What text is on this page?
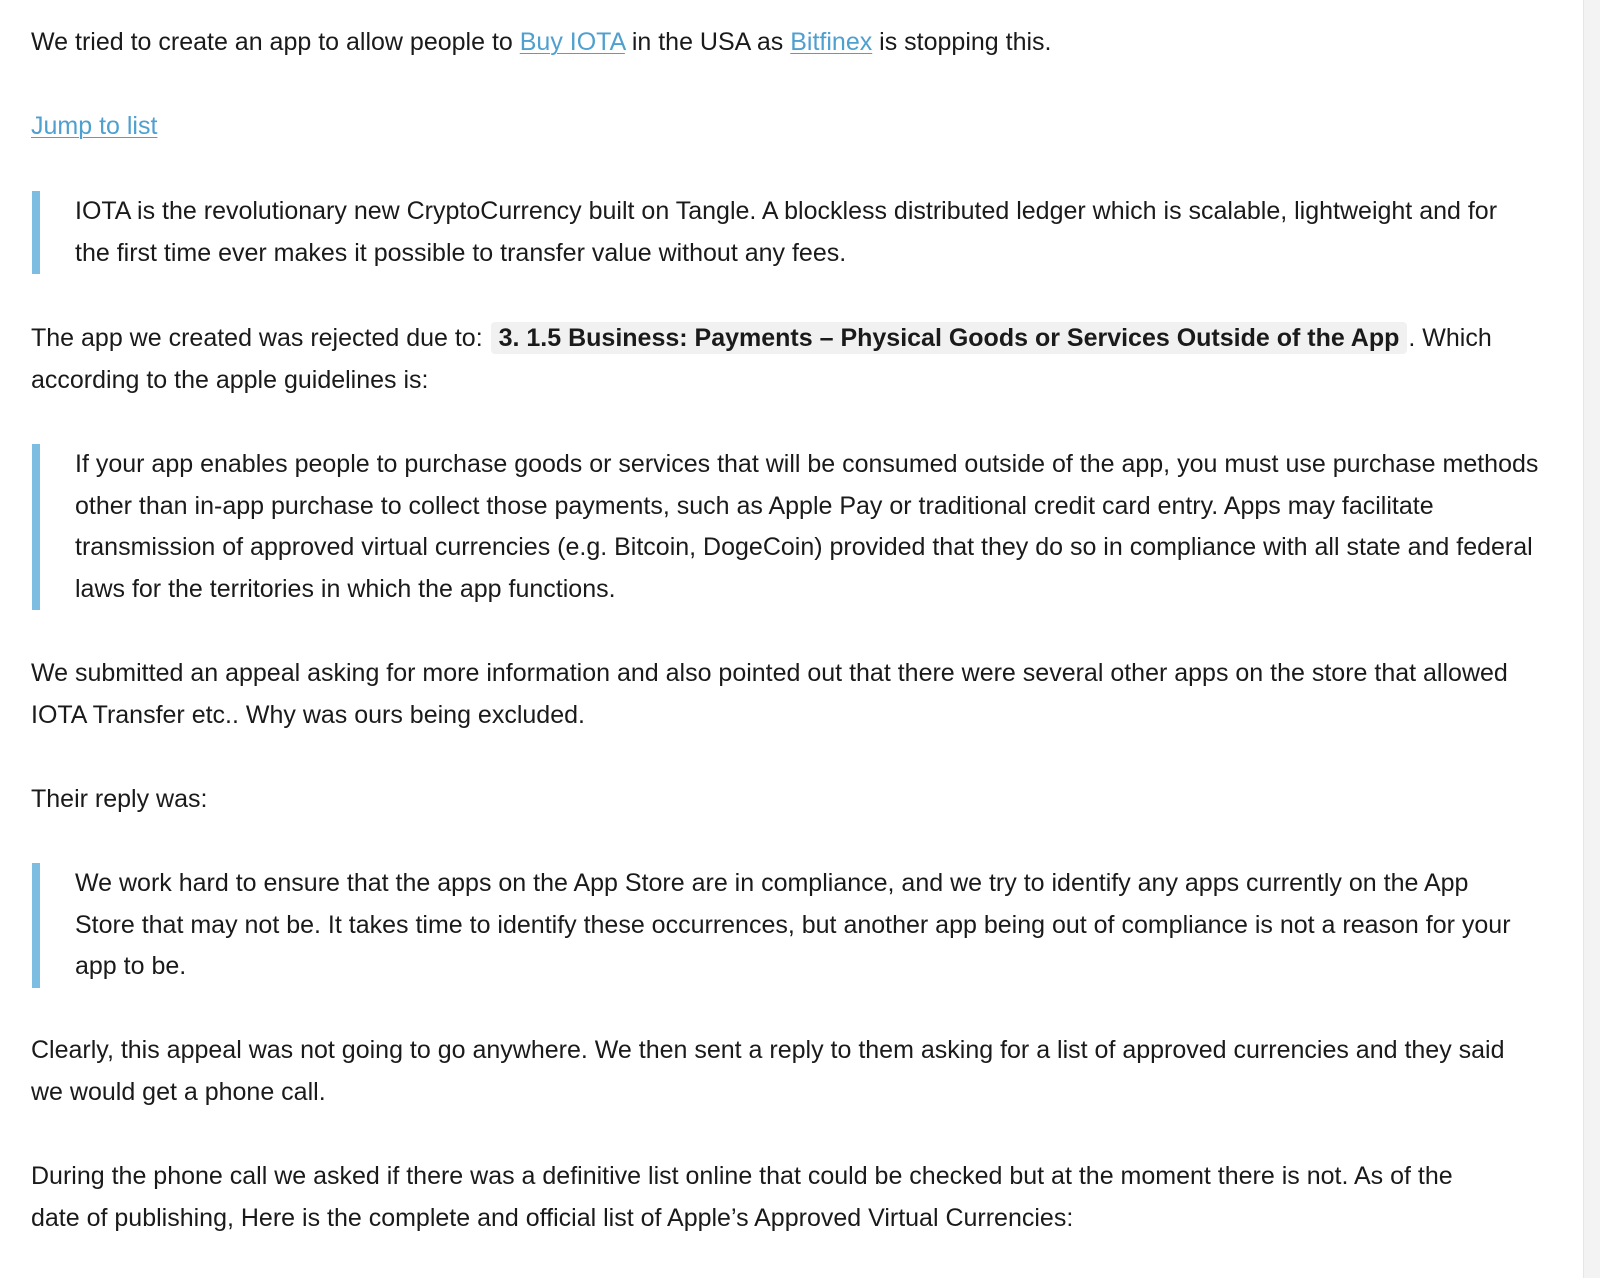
We tried to create an app to allow people to Buy IOTA in the USA as Bitfinex is stopping this.

Jump to list

IOTA is the revolutionary new CryptoCurrency built on Tangle. A blockless distributed ledger which is scalable, lightweight and for the first time ever makes it possible to transfer value without any fees.

The app we created was rejected due to: 3. 1.5 Business: Payments – Physical Goods or Services Outside of the App . Which according to the apple guidelines is:

If your app enables people to purchase goods or services that will be consumed outside of the app, you must use purchase methods other than in-app purchase to collect those payments, such as Apple Pay or traditional credit card entry. Apps may facilitate transmission of approved virtual currencies (e.g. Bitcoin, DogeCoin) provided that they do so in compliance with all state and federal laws for the territories in which the app functions.

We submitted an appeal asking for more information and also pointed out that there were several other apps on the store that allowed IOTA Transfer etc.. Why was ours being excluded.

Their reply was:

We work hard to ensure that the apps on the App Store are in compliance, and we try to identify any apps currently on the App Store that may not be. It takes time to identify these occurrences, but another app being out of compliance is not a reason for your app to be.

Clearly, this appeal was not going to go anywhere. We then sent a reply to them asking for a list of approved currencies and they said we would get a phone call.

During the phone call we asked if there was a definitive list online that could be checked but at the moment there is not. As of the date of publishing, Here is the complete and official list of Apple’s Approved Virtual Currencies:
